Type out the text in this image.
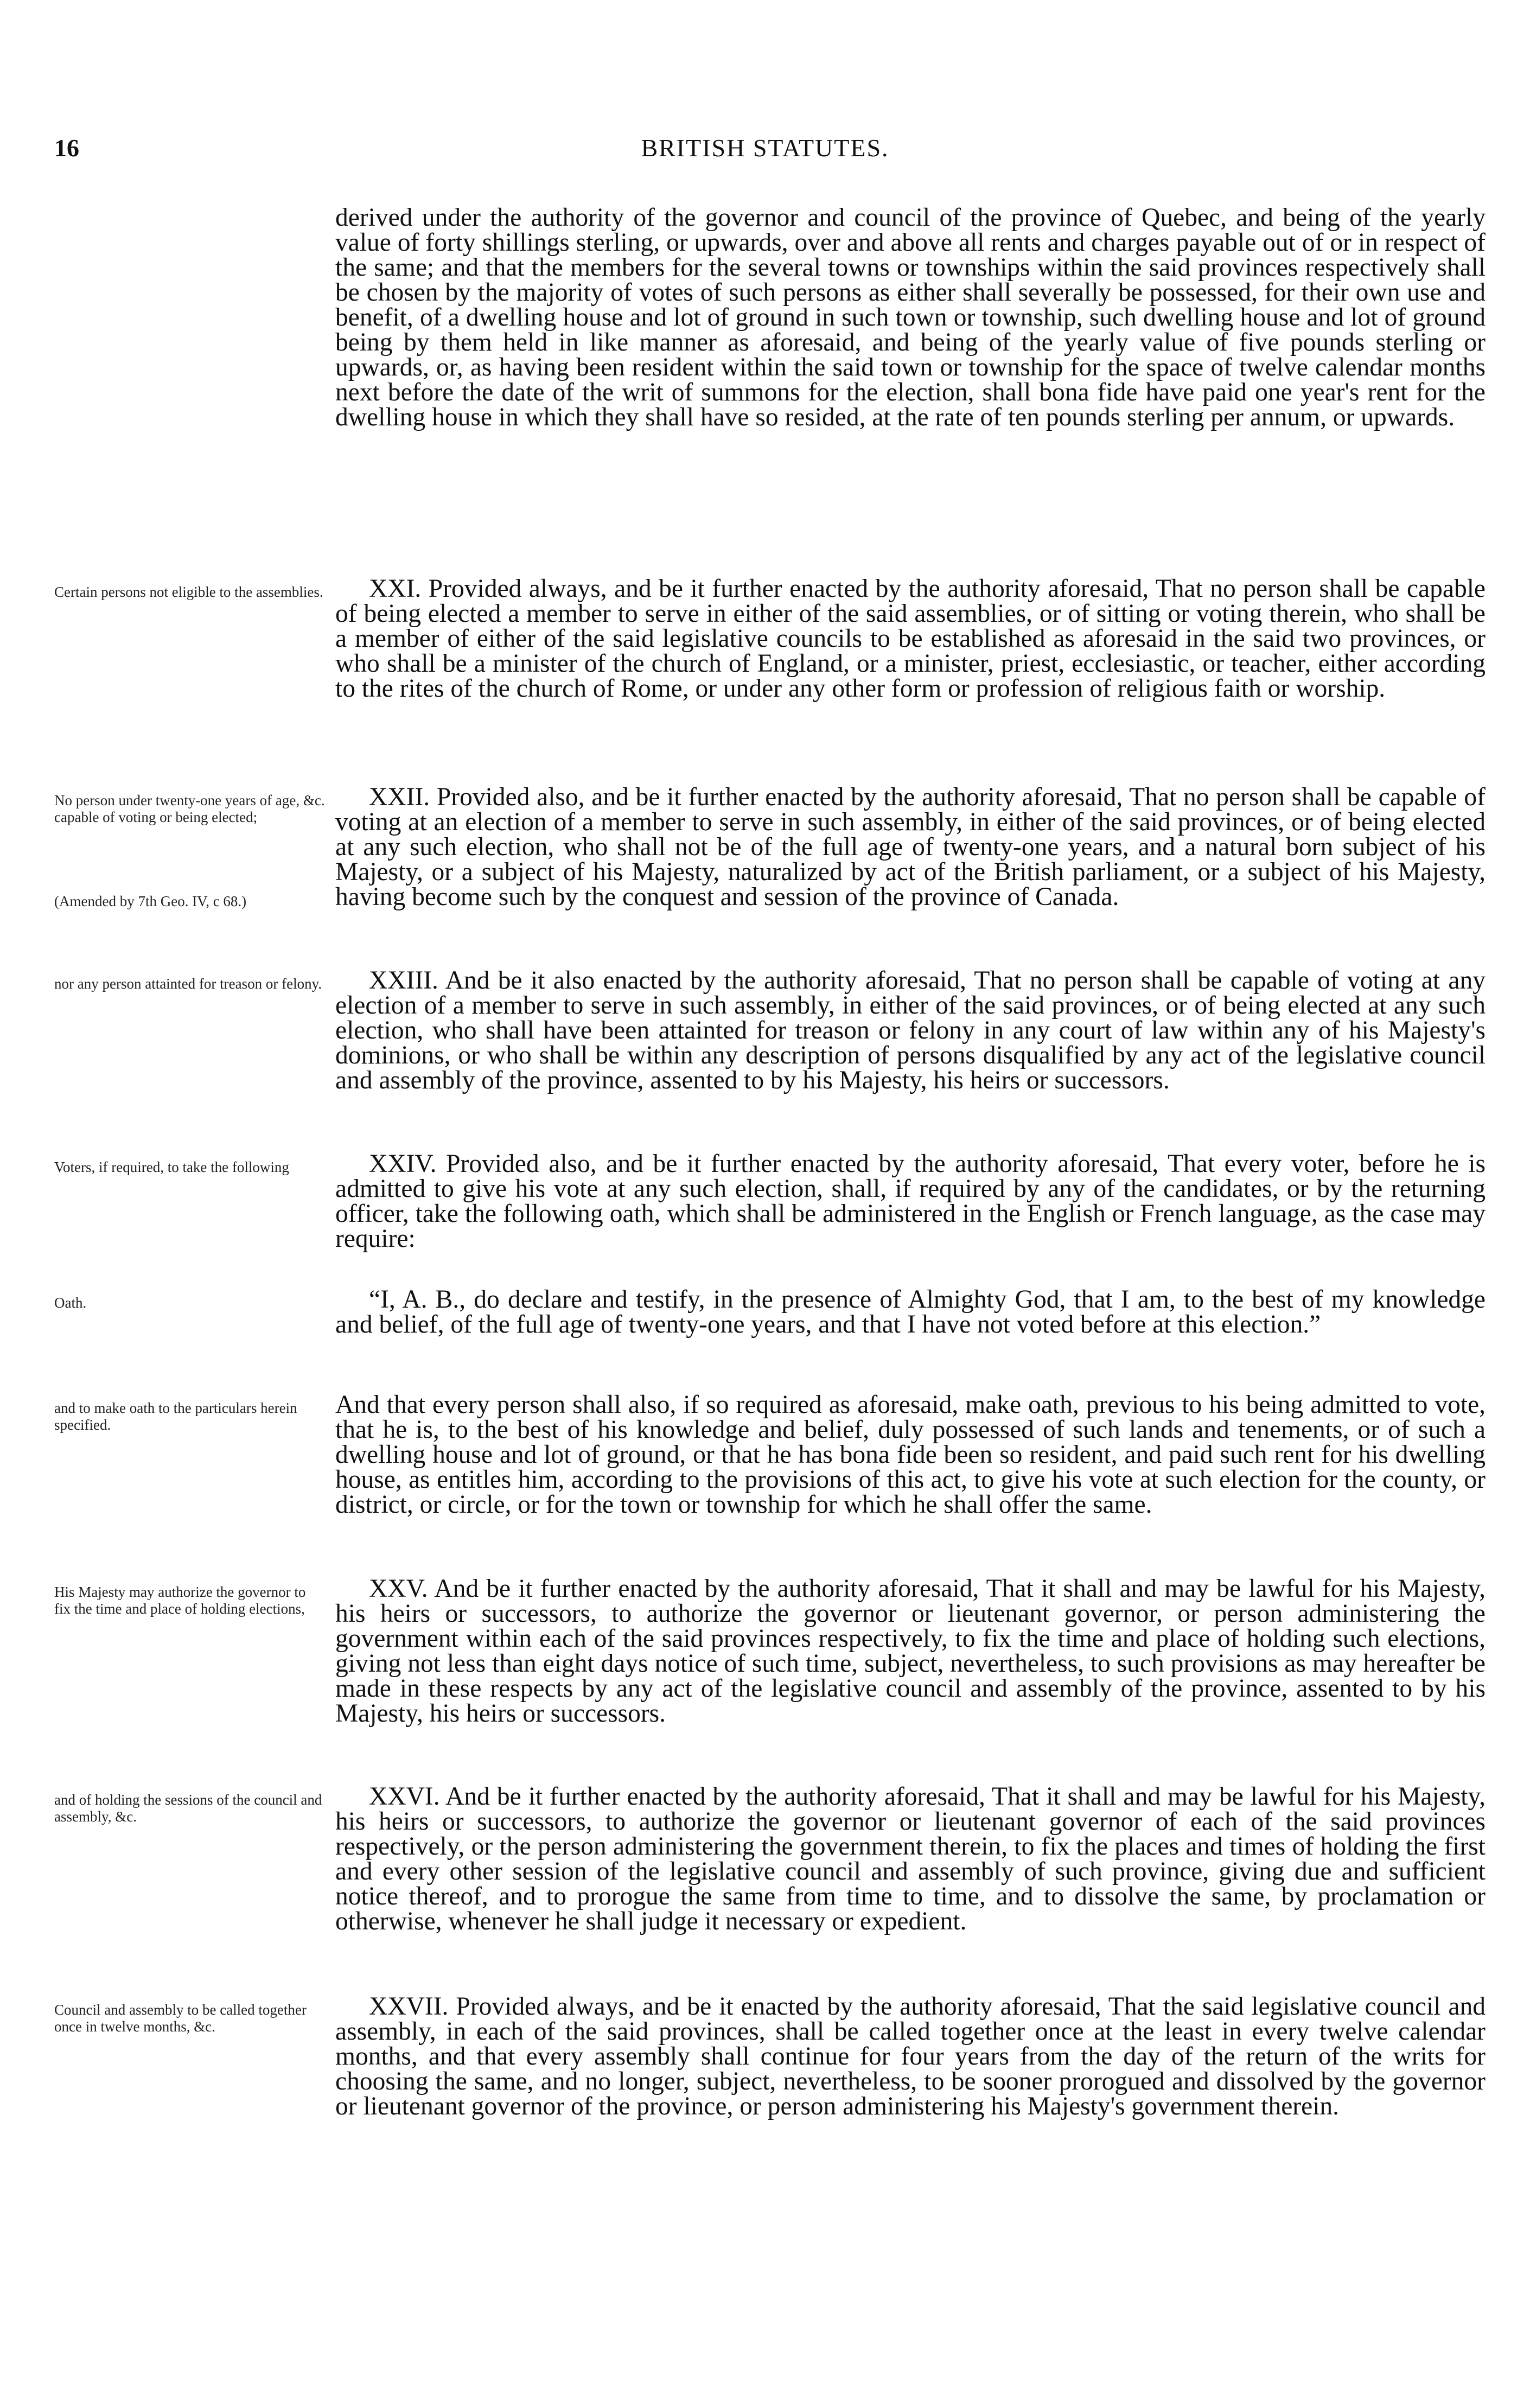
16	BRITISH STATUTES.
derived under the authority of the governor and council of the province of Quebec, and being of the yearly value of forty shillings sterling, or upwards, over and above all rents and charges payable out of or in respect of the same; and that the members for the several towns or townships within the said provinces respectively shall be chosen by the majority of votes of such persons as either shall severally be possessed, for their own use and benefit, of a dwelling house and lot of ground in such town or township, such dwelling house and lot of ground being by them held in like manner as aforesaid, and being of the yearly value of five pounds sterling or upwards, or, as having been resident within the said town or township for the space of twelve calendar months next before the date of the writ of summons for the election, shall bona fide have paid one year's rent for the dwelling house in which they shall have so resided, at the rate of ten pounds sterling per annum, or upwards.
Certain persons not eligible to the assemblies.	XXI. Provided always, and be it further enacted by the authority aforesaid, That no person shall be capable of being elected a member to serve in either of the said assemblies, or of sitting or voting therein, who shall be a member of either of the said legislative councils to be established as aforesaid in the said two provinces, or who shall be a minister of the church of England, or a minister, priest, ecclesiastic, or teacher, either according to the rites of the church of Rome, or under any other form or profession of religious faith or worship.
No person under twenty-one years of age, &c. capable of voting or being elected;
(Amended by 7th Geo. IV, c 68.)
XXII. Provided also, and be it further enacted by the authority aforesaid, That no person shall be capable of voting at an election of a member to serve in such assembly, in either of the said provinces, or of being elected at any such election, who shall not be of the full age of twenty-one years, and a natural born subject of his Majesty, or a subject of his Majesty, naturalized by act of the British parliament, or a subject of his Majesty, having become such by the conquest and session of the province of Canada.
nor any person attainted for treason or felony.	XXIII. And be it also enacted by the authority aforesaid, That no person shall be capable of voting at any election of a member to serve in such assembly, in either of the said provinces, or of being elected at any such election, who shall have been attainted for treason or felony in any court of law within any of his Majesty's dominions, or who shall be within any description of persons disqualified by any act of the legislative council and assembly of the province, assented to by his Majesty, his heirs or successors.
Voters, if required, to take the following	XXIV. Provided also, and be it further enacted by the authority aforesaid, That every voter, before he is admitted to give his vote at any such election, shall, if required by any of the candidates, or by the returning officer, take the following oath, which shall be administered in the English or French language, as the case may require:
Oath.	“I, A. B., do declare and testify, in the presence of Almighty God, that I am, to the best of my knowledge and belief, of the full age of twenty-one years, and that I have not voted before at this election.”
and to make oath to the particulars herein specified.
And that every person shall also, if so required as aforesaid, make oath, previous to his being admitted to vote, that he is, to the best of his knowledge and belief, duly possessed of such lands and tenements, or of such a dwelling house and lot of ground, or that he has bona fide been so resident, and paid such rent for his dwelling house, as entitles him, according to the provisions of this act, to give his vote at such election for the county, or district, or circle, or for the town or township for which he shall offer the same.
His Majesty may authorize the governor to fix the time and place of holding elections,
XXV. And be it further enacted by the authority aforesaid, That it shall and may be lawful for his Majesty, his heirs or successors, to authorize the governor or lieutenant governor, or person administering the government within each of the said provinces respectively, to fix the time and place of holding such elections, giving not less than eight days notice of such time, subject, nevertheless, to such provisions as may hereafter be made in these respects by any act of the legislative council and assembly of the province, assented to by his Majesty, his heirs or successors.
and of holding the sessions of the council and assembly, &c.
XXVI. And be it further enacted by the authority aforesaid, That it shall and may be lawful for his Majesty, his heirs or successors, to authorize the governor or lieutenant governor of each of the said provinces respectively, or the person administering the government therein, to fix the places and times of holding the first and every other session of the legislative council and assembly of such province, giving due and sufficient notice thereof, and to prorogue the same from time to time, and to dissolve the same, by proclamation or otherwise, whenever he shall judge it necessary or expedient.
Council and assembly to be called together once in twelve months, &c.
XXVII. Provided always, and be it enacted by the authority aforesaid, That the said legislative council and assembly, in each of the said provinces, shall be called together once at the least in every twelve calendar months, and that every assembly shall continue for four years from the day of the return of the writs for choosing the same, and no longer, subject, nevertheless, to be sooner prorogued and dissolved by the governor or lieutenant governor of the province, or person administering his Majesty's government therein.
